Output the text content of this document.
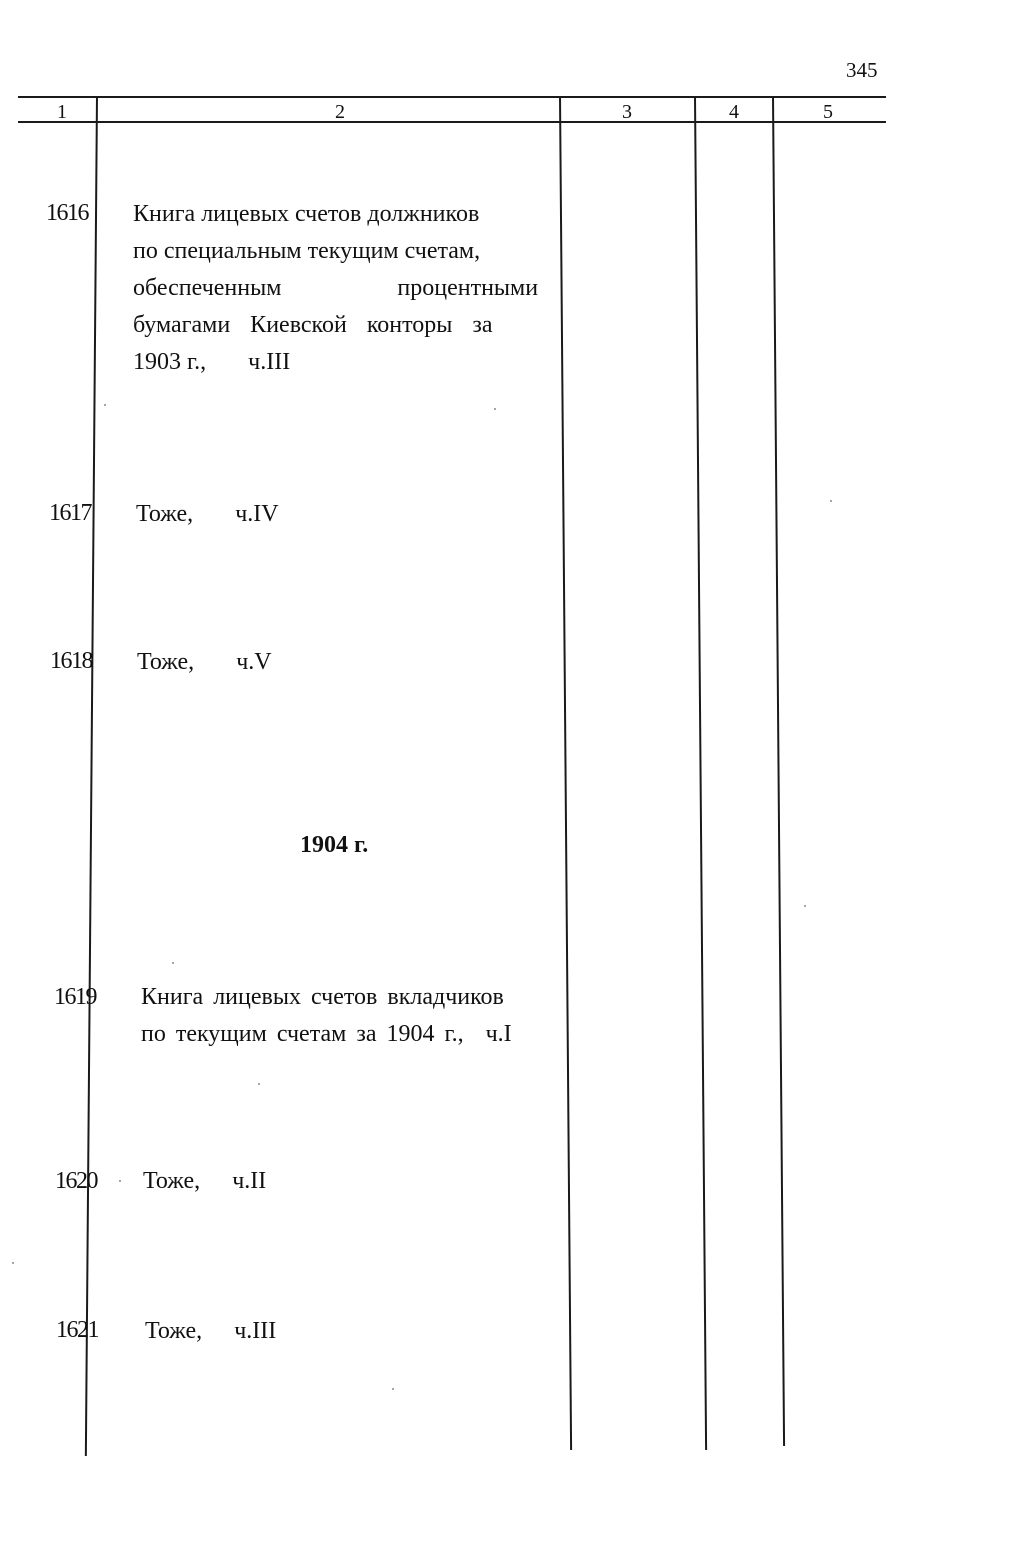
345
1	2	3	4	5
1616 Книга лицевых счетов должников
по специальным текущим счетам,
обеспеченным процентными
бумагами Киевской конторы за
1903 г., ч.III
1617 Тоже, ч.IV
1618 Тоже, ч.V
1904 г.
1619 Книга лицевых счетов вкладчиков
по текущим счетам за 1904 г., ч.I
1620 Тоже, ч.II
1621 Тоже, ч.III
